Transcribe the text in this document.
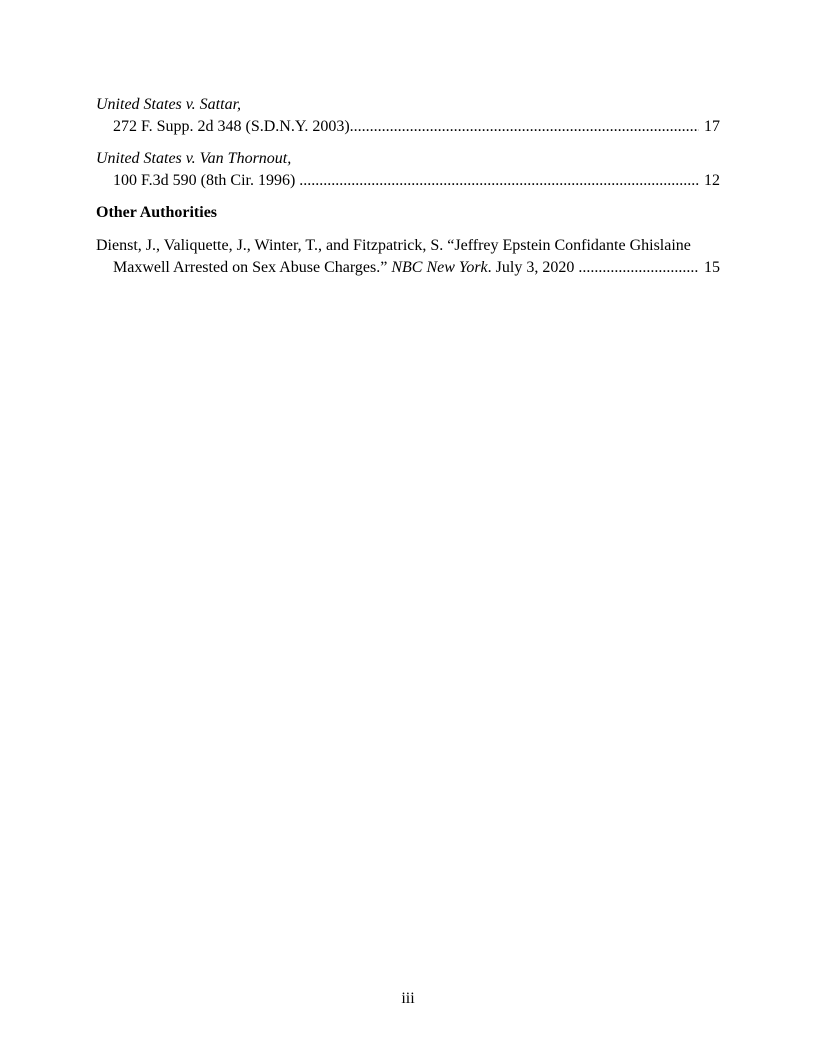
United States v. Sattar,
272 F. Supp. 2d 348 (S.D.N.Y. 2003) .....	17
United States v. Van Thornout,
100 F.3d 590 (8th Cir. 1996) .....	12
Other Authorities
Dienst, J., Valiquette, J., Winter, T., and Fitzpatrick, S. “Jeffrey Epstein Confidante Ghislaine
Maxwell Arrested on Sex Abuse Charges.” NBC New York. July 3, 2020 .....	15
iii
